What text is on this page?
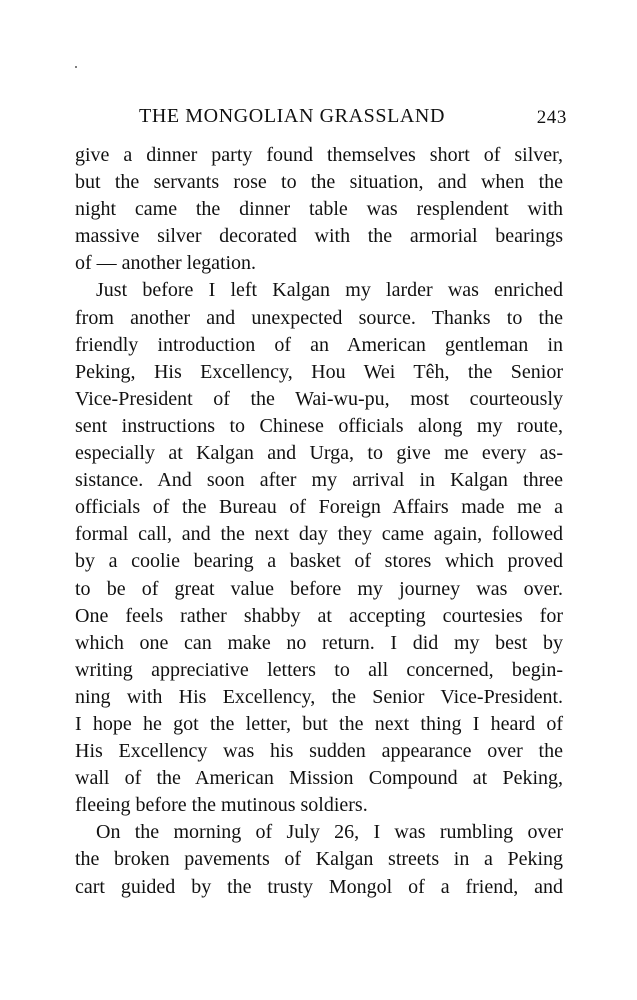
THE MONGOLIAN GRASSLAND	243

give a dinner party found themselves short of silver,
but the servants rose to the situation, and when the
night came the dinner table was resplendent with
massive silver decorated with the armorial bearings
of — another legation.

Just before I left Kalgan my larder was enriched
from another and unexpected source. Thanks to the
friendly introduction of an American gentleman in
Peking, His Excellency, Hou Wei Têh, the Senior
Vice-President of the Wai-wu-pu, most courteously
sent instructions to Chinese officials along my route,
especially at Kalgan and Urga, to give me every as-
sistance. And soon after my arrival in Kalgan three
officials of the Bureau of Foreign Affairs made me a
formal call, and the next day they came again, followed
by a coolie bearing a basket of stores which proved
to be of great value before my journey was over.
One feels rather shabby at accepting courtesies for
which one can make no return. I did my best by
writing appreciative letters to all concerned, begin-
ning with His Excellency, the Senior Vice-President.
I hope he got the letter, but the next thing I heard of
His Excellency was his sudden appearance over the
wall of the American Mission Compound at Peking,
fleeing before the mutinous soldiers.

On the morning of July 26, I was rumbling over
the broken pavements of Kalgan streets in a Peking
cart guided by the trusty Mongol of a friend, and
